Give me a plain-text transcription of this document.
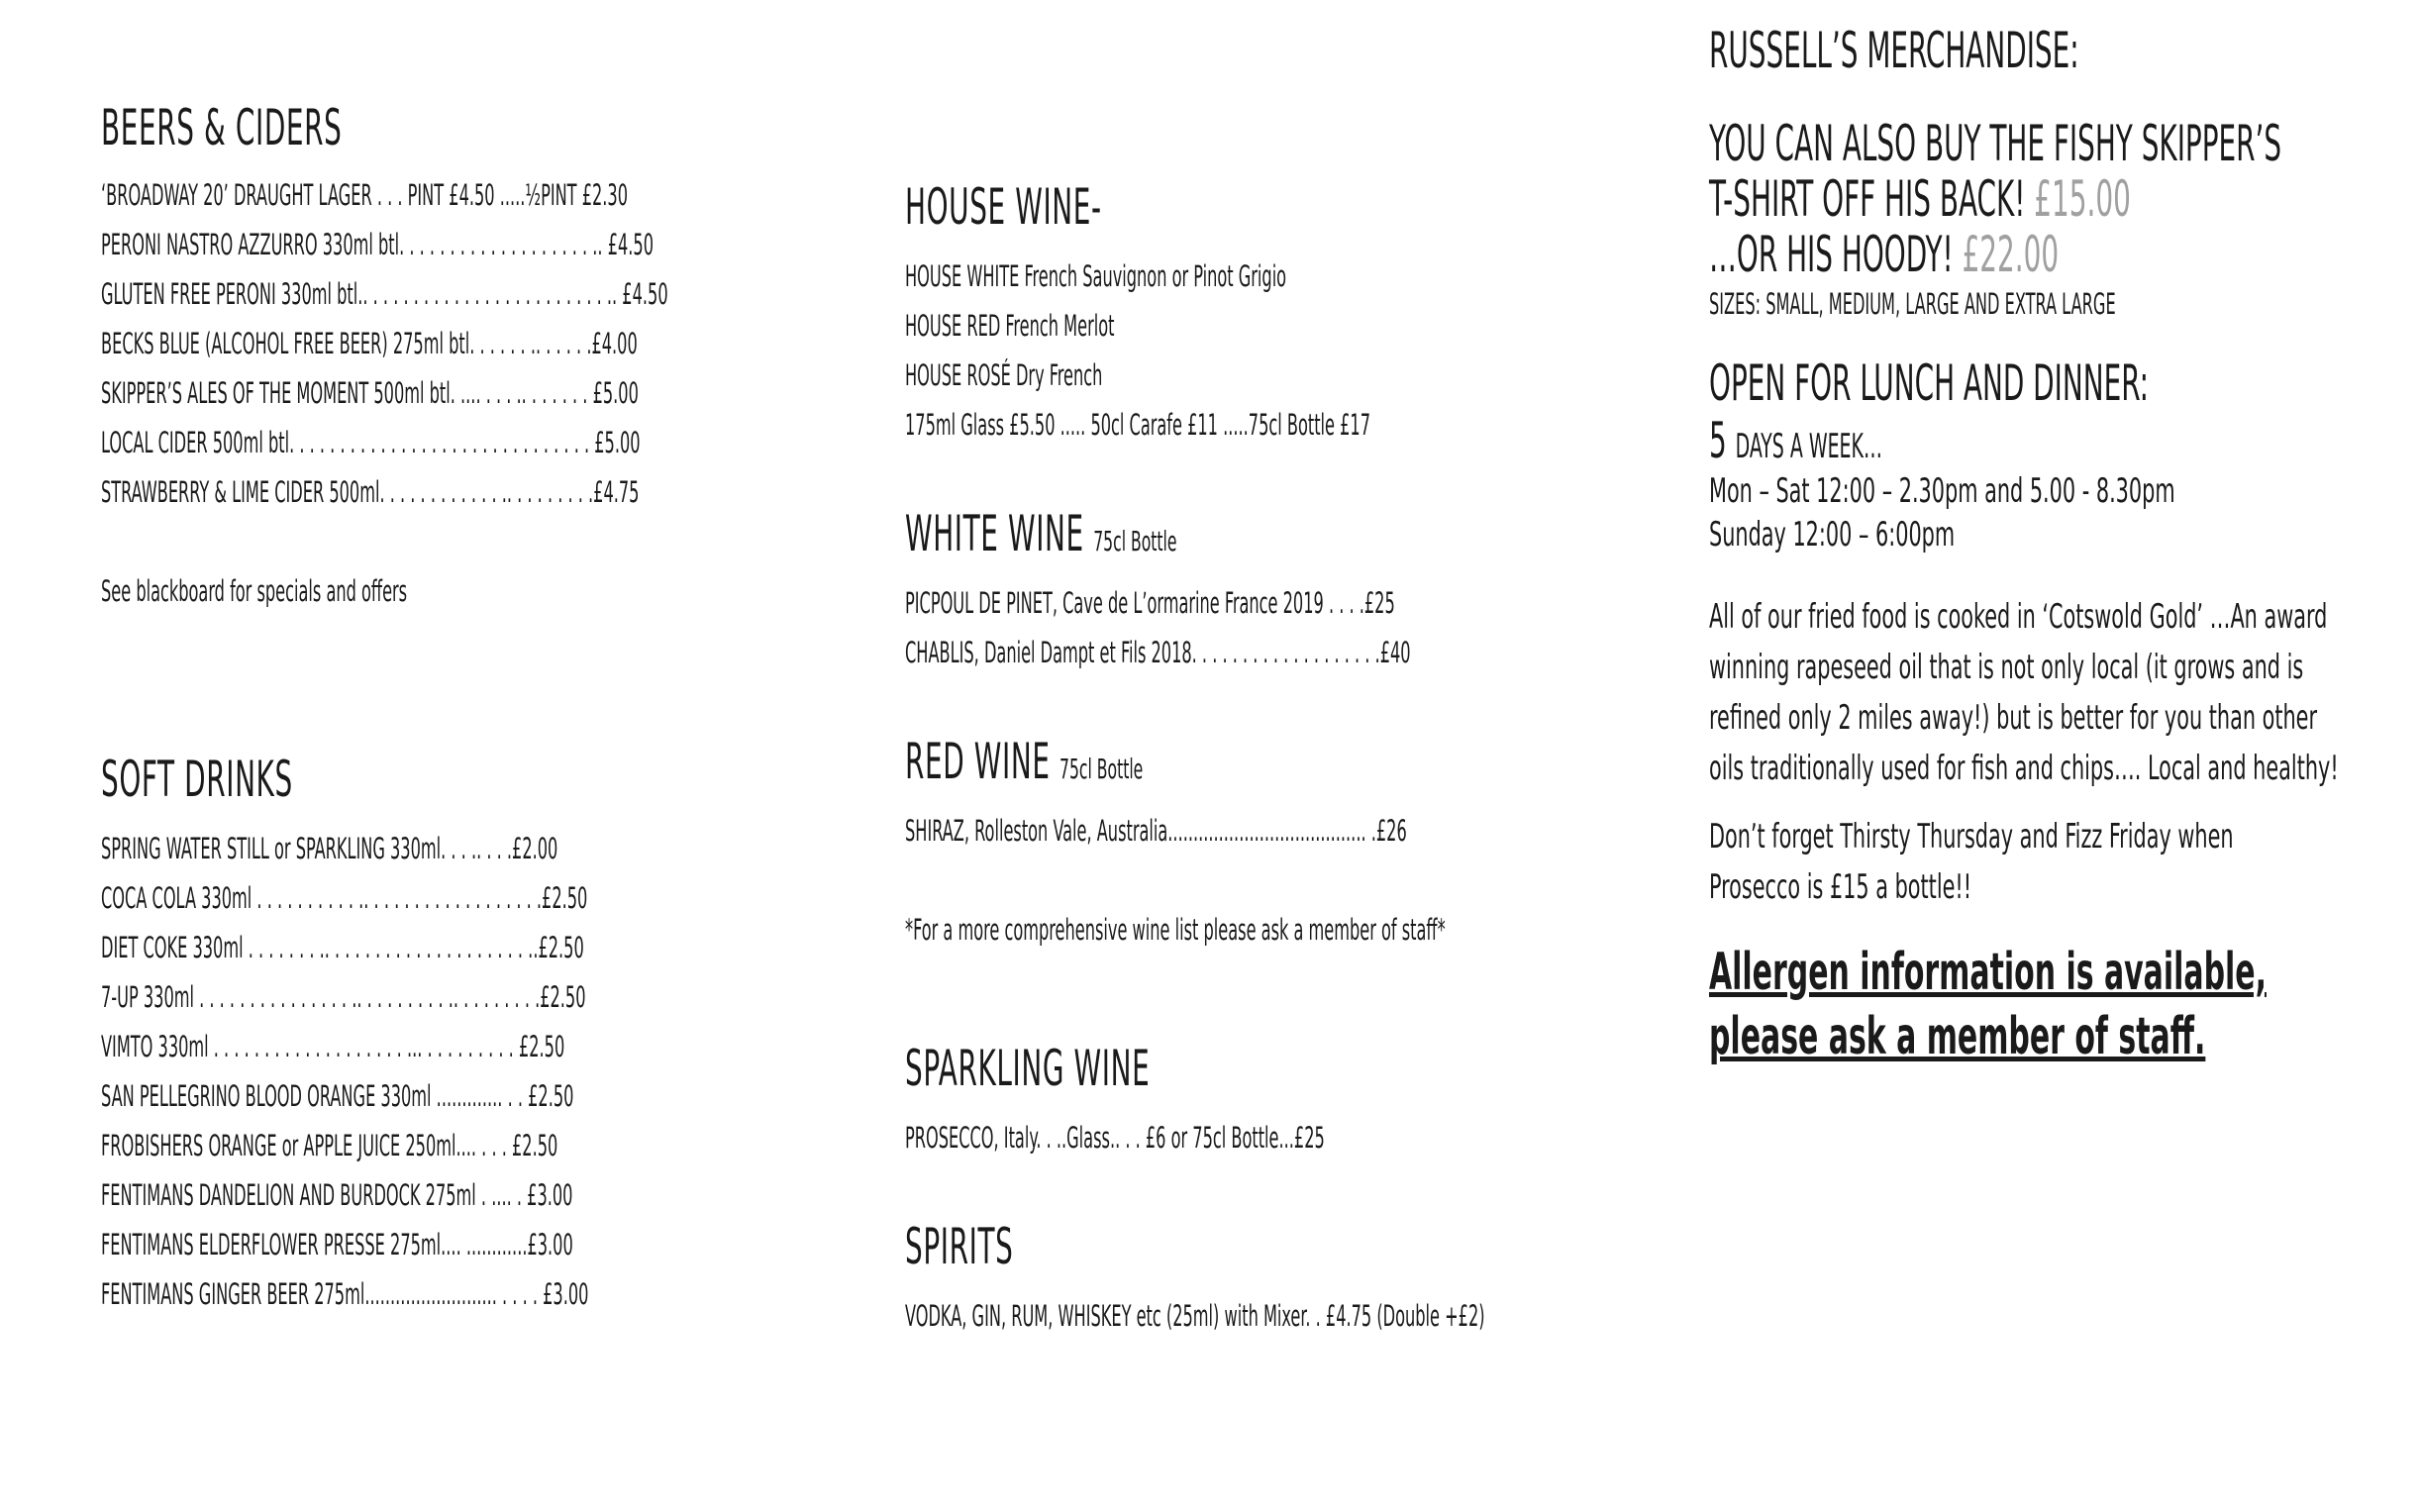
BEERS & CIDERS
‘BROADWAY 20’ DRAUGHT LAGER . . . PINT £4.50 .....½PINT £2.30
PERONI NASTRO AZZURRO 330ml btl. . . . . . . . . . . . . . . . . . . .. £4.50
GLUTEN FREE PERONI 330ml btl.. . . . . . . . . . . . . . . . . . . . . . . . .. £4.50
BECKS BLUE (ALCOHOL FREE BEER) 275ml btl. . . . . . .. . . . . .£4.00
SKIPPER’S ALES OF THE MOMENT 500ml btl. .... . . . .. . . . . . . £5.00
LOCAL CIDER 500ml btl. . . . . . . . . . . . . . . . . . . . . . . . . . . . . . £5.00
STRAWBERRY & LIME CIDER 500ml. . . . . . . . . . . . .. . . . . . . . .£4.75
See blackboard for specials and offers
SOFT DRINKS
SPRING WATER STILL or SPARKLING 330ml. . . .. . . .£2.00
COCA COLA 330ml . . . . . . . . . . .. . . . . . . . . . . . . . . . . .£2.50
DIET COKE 330ml . . . . . . . .. . . . . . . . . . . . . . . . . . . . ..£2.50
7-UP 330ml . . . . . . . . . . . . . . . .. . . . . . . . . .. . . . . . . . .£2.50
VIMTO 330ml . . . . . . . . . . . . . . . . . . . ... . . . . . . . . . £2.50
SAN PELLEGRINO BLOOD ORANGE 330ml ............. . . £2.50
FROBISHERS ORANGE or APPLE JUICE 250ml.... . . . £2.50
FENTIMANS DANDELION AND BURDOCK 275ml . .... . £3.00
FENTIMANS ELDERFLOWER PRESSE 275ml.... ............£3.00
FENTIMANS GINGER BEER 275ml.......................... . . . . £3.00
HOUSE WINE-
HOUSE WHITE French Sauvignon or Pinot Grigio
HOUSE RED French Merlot
HOUSE ROSÉ Dry French
175ml Glass £5.50 ..... 50cl Carafe £11 .....75cl Bottle £17
WHITE WINE 75cl Bottle
PICPOUL DE PINET, Cave de L’ormarine France 2019 . . . .£25
CHABLIS, Daniel Dampt et Fils 2018. . . . . . . . . . . . . . . . . . .£40
RED WINE 75cl Bottle
SHIRAZ, Rolleston Vale, Australia....................................... .£26
*For a more comprehensive wine list please ask a member of staff*
SPARKLING WINE
PROSECCO, Italy. . ..Glass.. . . £6 or 75cl Bottle...£25
SPIRITS
VODKA, GIN, RUM, WHISKEY etc (25ml) with Mixer. . £4.75 (Double +£2)
RUSSELL’S MERCHANDISE:
YOU CAN ALSO BUY THE FISHY SKIPPER’S
T-SHIRT OFF HIS BACK! £15.00
…OR HIS HOODY! £22.00
SIZES: SMALL, MEDIUM, LARGE AND EXTRA LARGE
OPEN FOR LUNCH AND DINNER:
5 DAYS A WEEK…
Mon – Sat 12:00 – 2.30pm and 5.00 - 8.30pm
Sunday 12:00 – 6:00pm
All of our fried food is cooked in ‘Cotswold Gold’ …An award
winning rapeseed oil that is not only local (it grows and is
refined only 2 miles away!) but is better for you than other
oils traditionally used for fish and chips…. Local and healthy!
Don’t forget Thirsty Thursday and Fizz Friday when
Prosecco is £15 a bottle!!
Allergen information is available,
please ask a member of staff.
